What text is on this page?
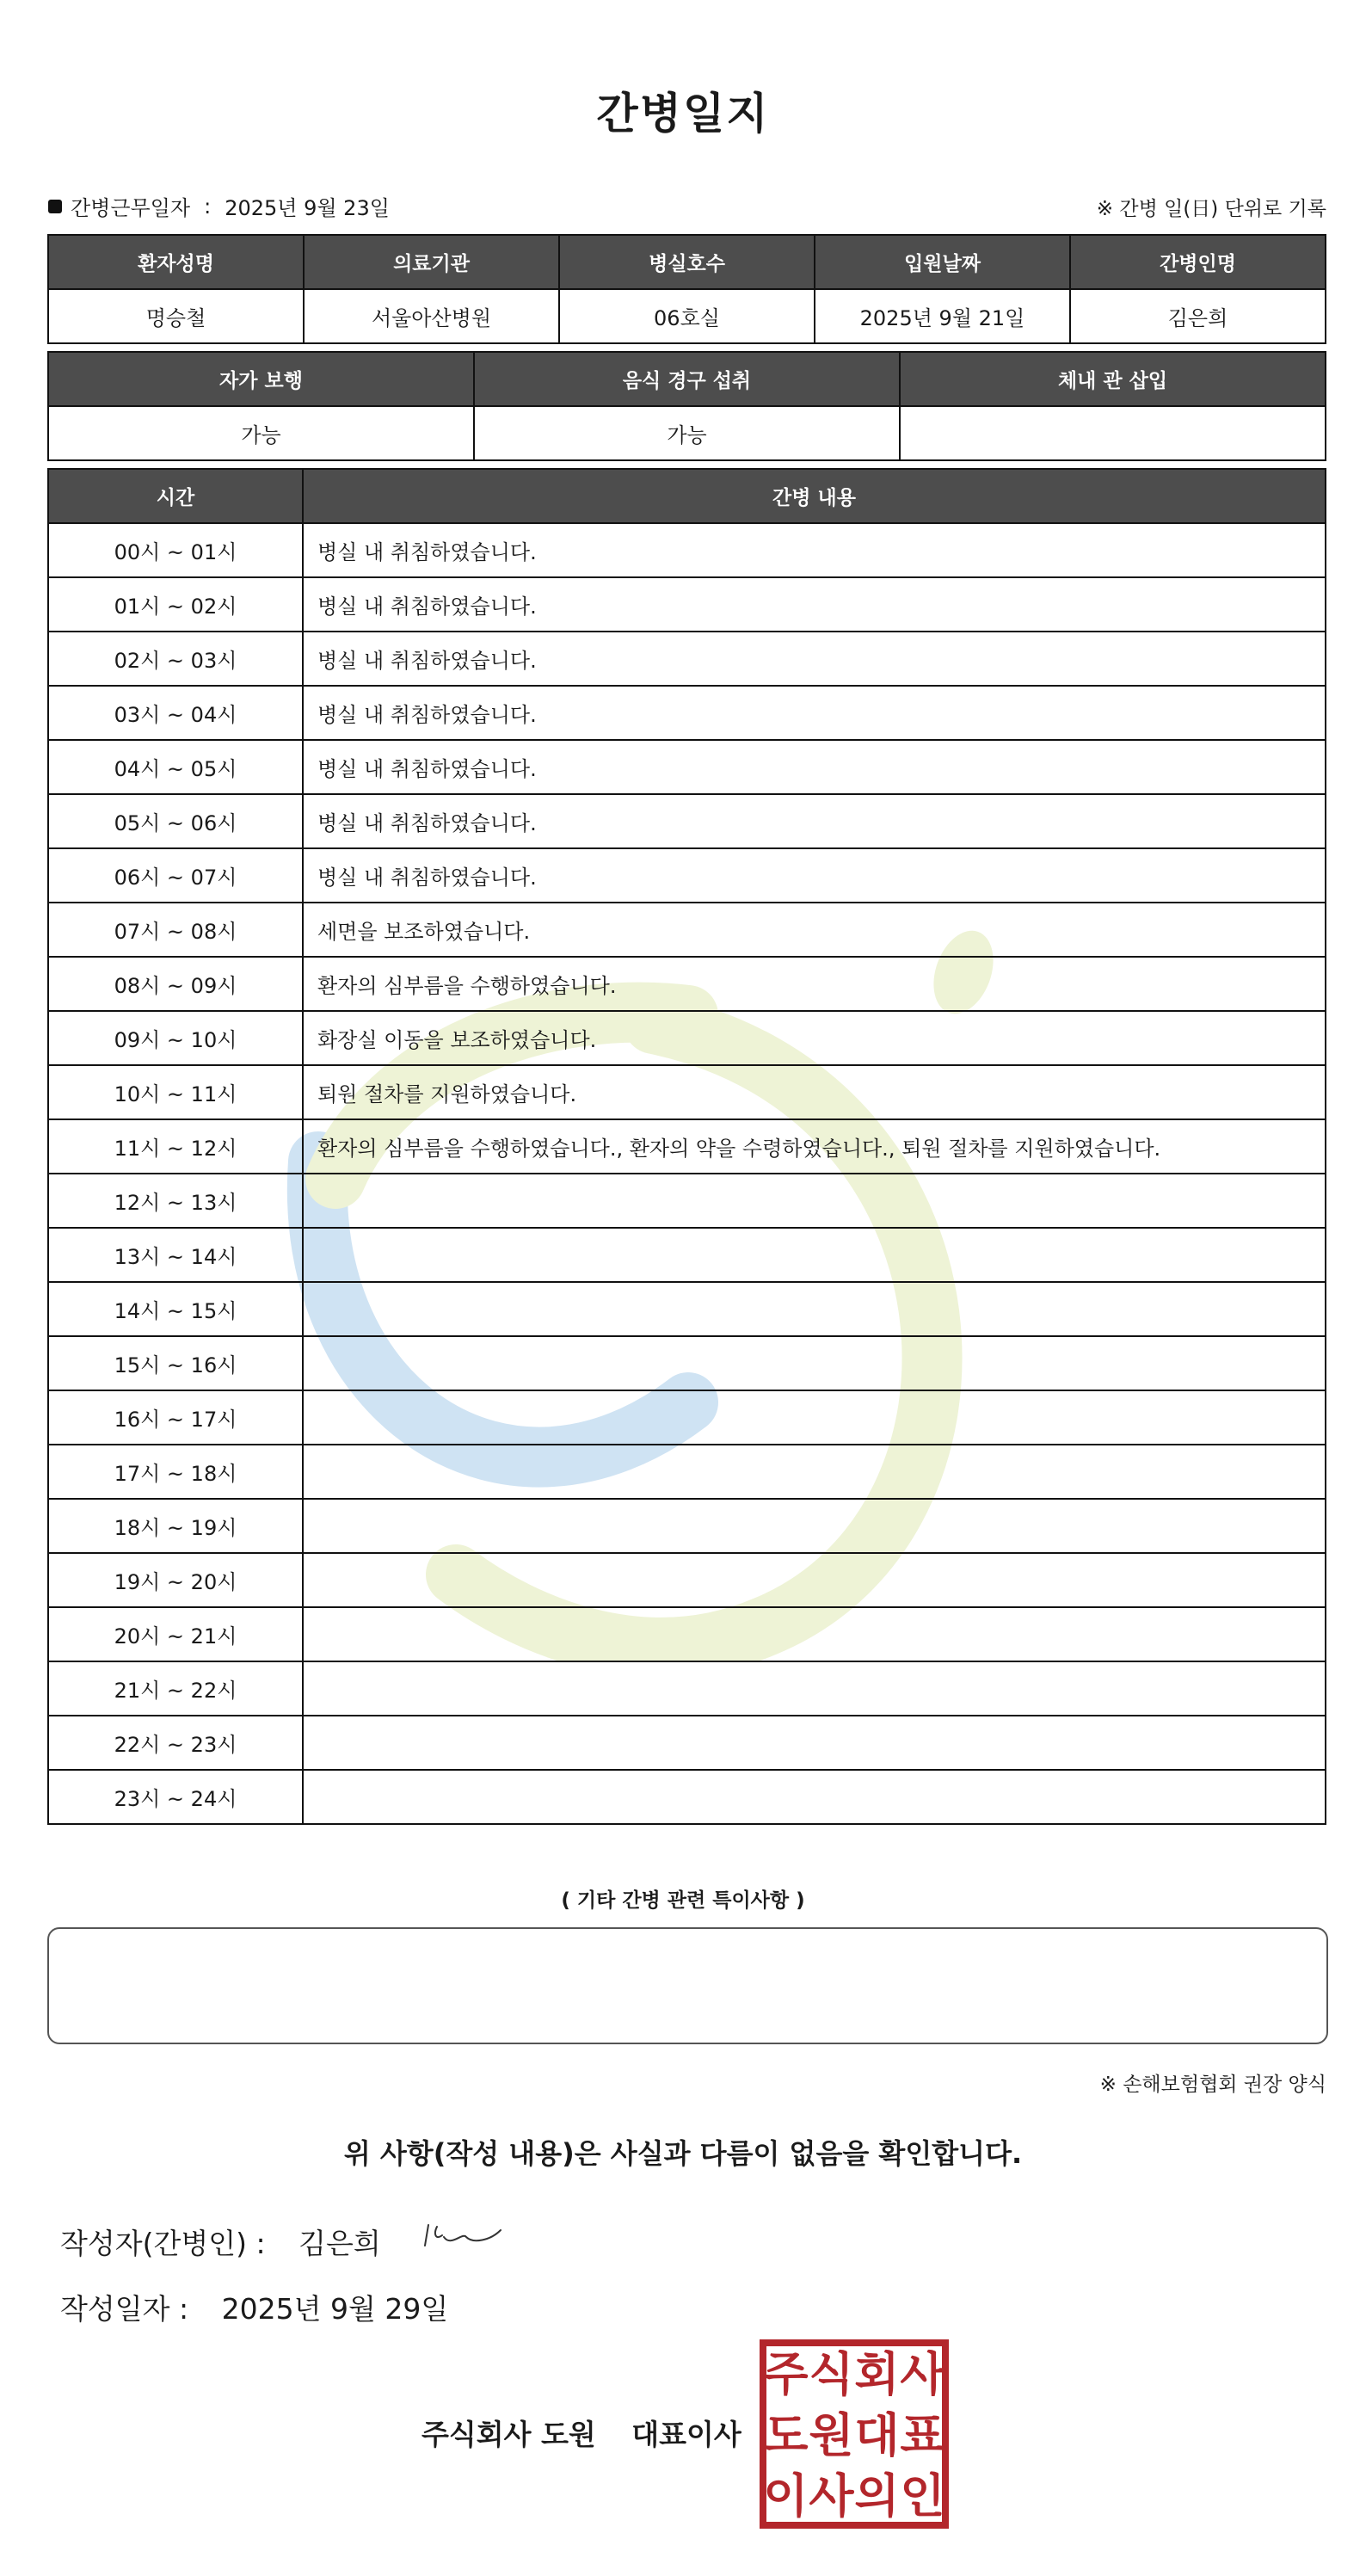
간병일지
간병근무일자 : 2025년 9월 23일	※ 간병 일(日) 단위로 기록
환자성명	의료기관	병실호수	입원날짜	간병인명
명승철	서울아산병원	06호실	2025년 9월 21일	김은희
자가 보행	음식 경구 섭취	체내 관 삽입
가능	가능	
시간	간병 내용
00시 ~ 01시	병실 내 취침하였습니다.
01시 ~ 02시	병실 내 취침하였습니다.
02시 ~ 03시	병실 내 취침하였습니다.
03시 ~ 04시	병실 내 취침하였습니다.
04시 ~ 05시	병실 내 취침하였습니다.
05시 ~ 06시	병실 내 취침하였습니다.
06시 ~ 07시	병실 내 취침하였습니다.
07시 ~ 08시	세면을 보조하였습니다.
08시 ~ 09시	환자의 심부름을 수행하였습니다.
09시 ~ 10시	화장실 이동을 보조하였습니다.
10시 ~ 11시	퇴원 절차를 지원하였습니다.
11시 ~ 12시	환자의 심부름을 수행하였습니다., 환자의 약을 수령하였습니다., 퇴원 절차를 지원하였습니다.
12시 ~ 13시	
13시 ~ 14시	
14시 ~ 15시	
15시 ~ 16시	
16시 ~ 17시	
17시 ~ 18시	
18시 ~ 19시	
19시 ~ 20시	
20시 ~ 21시	
21시 ~ 22시	
22시 ~ 23시	
23시 ~ 24시	
( 기타 간병 관련 특이사항 )
※ 손해보험협회 권장 양식
위 사항(작성 내용)은 사실과 다름이 없음을 확인합니다.
작성자(간병인) : 김은희
작성일자 : 2025년 9월 29일
주식회사 도원 대표이사
주 식 회 사
도 원 대 표
이 사 의 인
